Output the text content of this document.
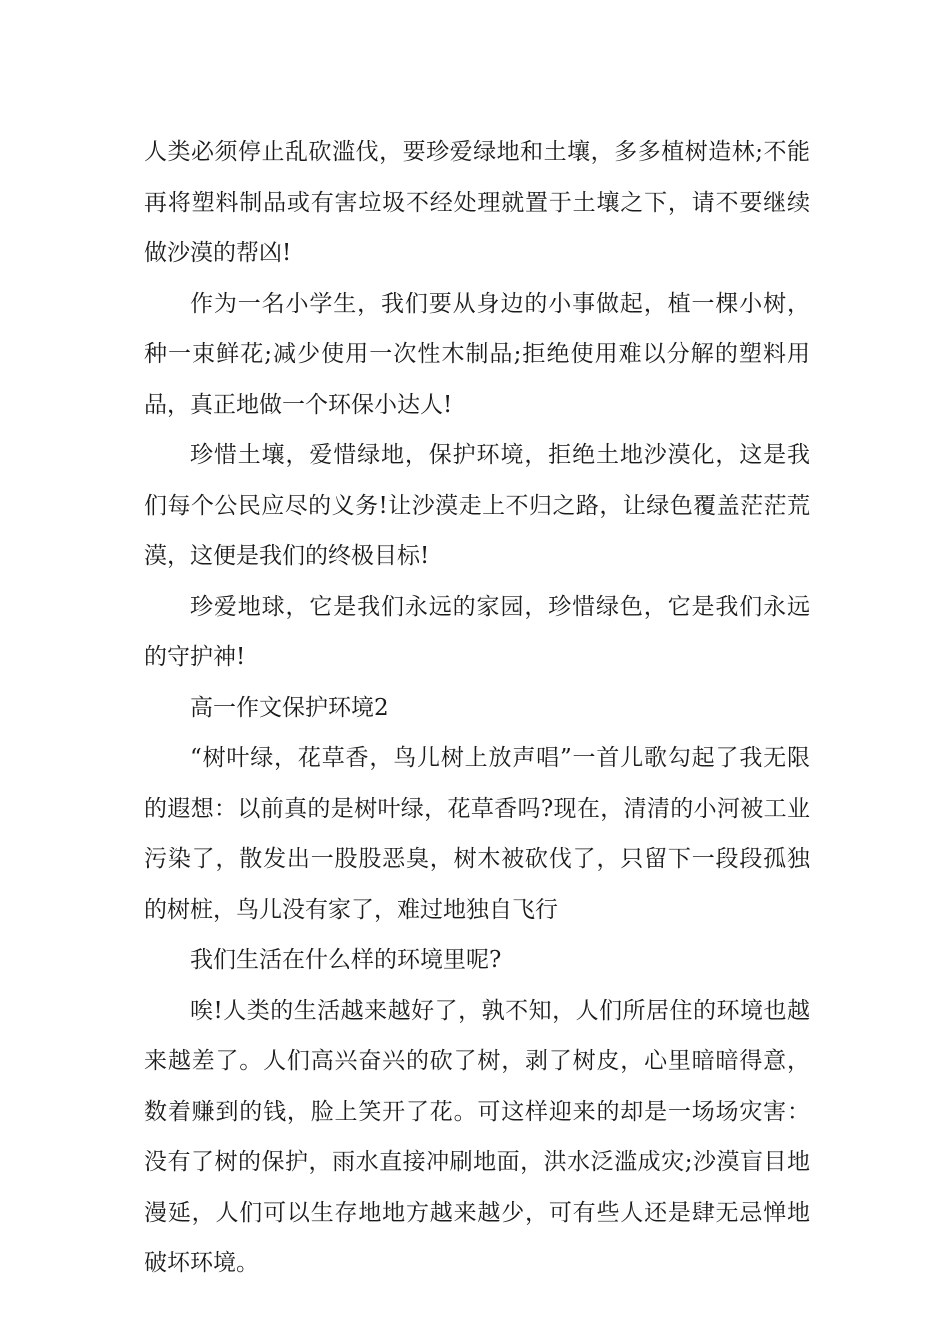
人类必须停止乱砍滥伐，要珍爱绿地和土壤，多多植树造林;不能再将塑料制品或有害垃圾不经处理就置于土壤之下，请不要继续做沙漠的帮凶!

作为一名小学生，我们要从身边的小事做起，植一棵小树，种一束鲜花;减少使用一次性木制品;拒绝使用难以分解的塑料用品，真正地做一个环保小达人!

珍惜土壤，爱惜绿地，保护环境，拒绝土地沙漠化，这是我们每个公民应尽的义务!让沙漠走上不归之路，让绿色覆盖茫茫荒漠，这便是我们的终极目标!

珍爱地球，它是我们永远的家园，珍惜绿色，它是我们永远的守护神!

高一作文保护环境2

“树叶绿，花草香，鸟儿树上放声唱”一首儿歌勾起了我无限的遐想：以前真的是树叶绿，花草香吗?现在，清清的小河被工业污染了，散发出一股股恶臭，树木被砍伐了，只留下一段段孤独的树桩，鸟儿没有家了，难过地独自飞行

我们生活在什么样的环境里呢?

唉!人类的生活越来越好了，孰不知，人们所居住的环境也越来越差了。人们高兴奋兴的砍了树，剥了树皮，心里暗暗得意，数着赚到的钱，脸上笑开了花。可这样迎来的却是一场场灾害：没有了树的保护，雨水直接冲刷地面，洪水泛滥成灾;沙漠盲目地漫延，人们可以生存地地方越来越少，可有些人还是肆无忌惮地破坏环境。
